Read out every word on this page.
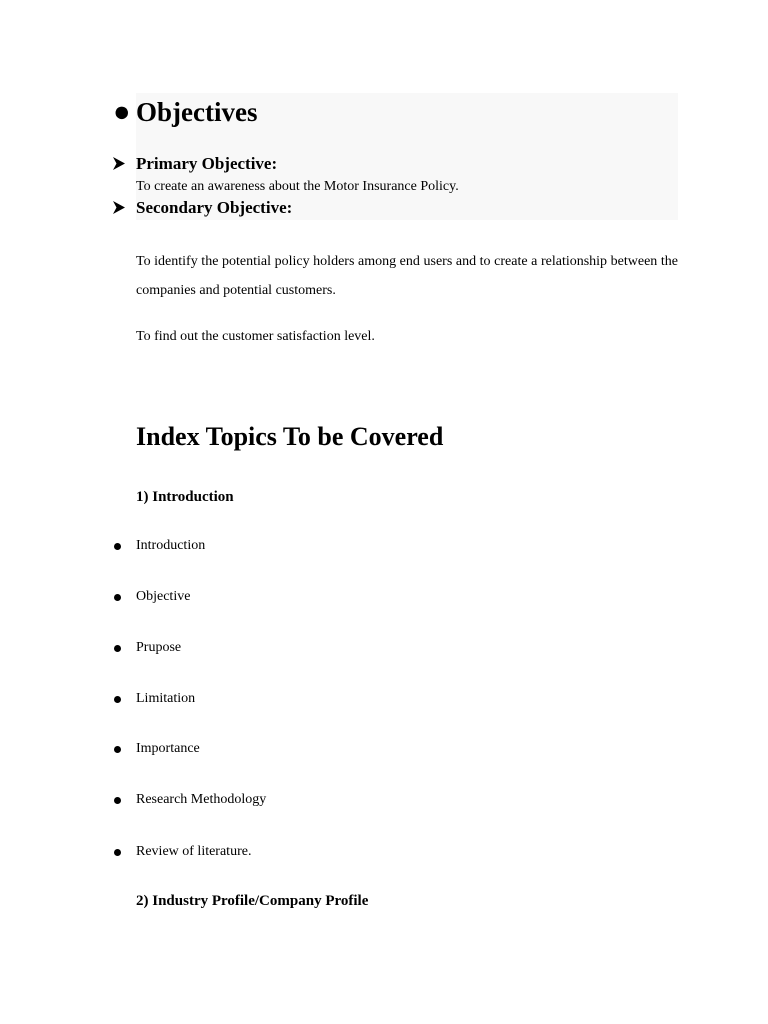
● Objectives
Primary Objective:
To create an awareness about the Motor Insurance Policy.
Secondary Objective:
To identify the potential policy holders among end users and to create a relationship between the companies and potential customers.
To find out the customer satisfaction level.
Index Topics To be Covered
1) Introduction
Introduction
Objective
Prupose
Limitation
Importance
Research Methodology
Review of literature.
2) Industry Profile/Company Profile
